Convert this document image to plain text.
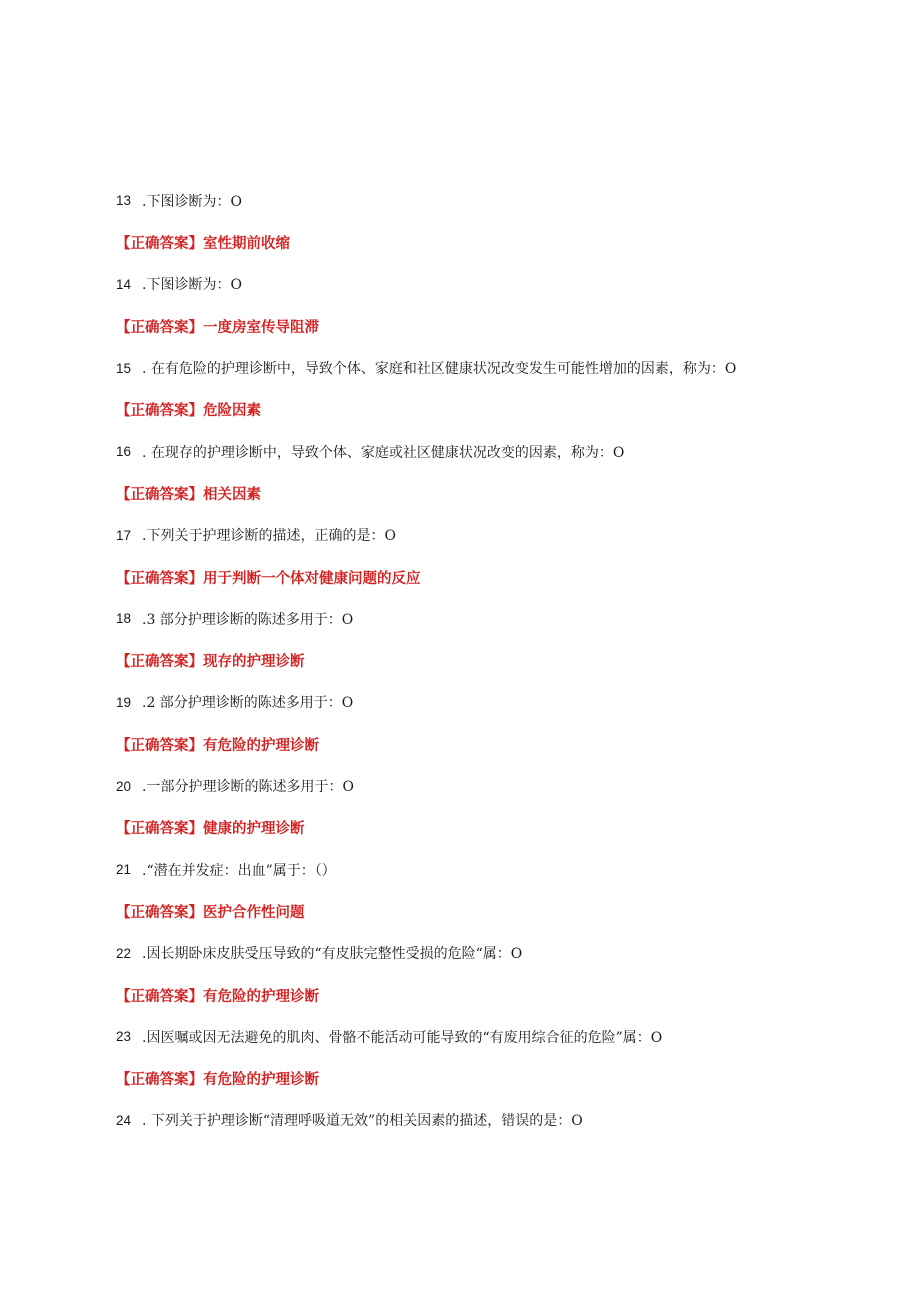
13 .下图诊断为：O
【正确答案】室性期前收缩
14 .下图诊断为：O
【正确答案】一度房室传导阻滞
15 . 在有危险的护理诊断中，导致个体、家庭和社区健康状况改变发生可能性增加的因素，称为：O
【正确答案】危险因素
16 . 在现存的护理诊断中，导致个体、家庭或社区健康状况改变的因素，称为：O
【正确答案】相关因素
17 .下列关于护理诊断的描述，正确的是：O
【正确答案】用于判断一个体对健康问题的反应
18 .3 部分护理诊断的陈述多用于：O
【正确答案】现存的护理诊断
19 .2 部分护理诊断的陈述多用于：O
【正确答案】有危险的护理诊断
20 .一部分护理诊断的陈述多用于：O
【正确答案】健康的护理诊断
21 .“潜在并发症：出血”属于：（）
【正确答案】医护合作性问题
22 .因长期卧床皮肤受压导致的“有皮肤完整性受损的危险“属：O
【正确答案】有危险的护理诊断
23 .因医嘱或因无法避免的肌肉、骨骼不能活动可能导致的“有废用综合征的危险”属：O
【正确答案】有危险的护理诊断
24 . 下列关于护理诊断“清理呼吸道无效”的相关因素的描述，错误的是：O
